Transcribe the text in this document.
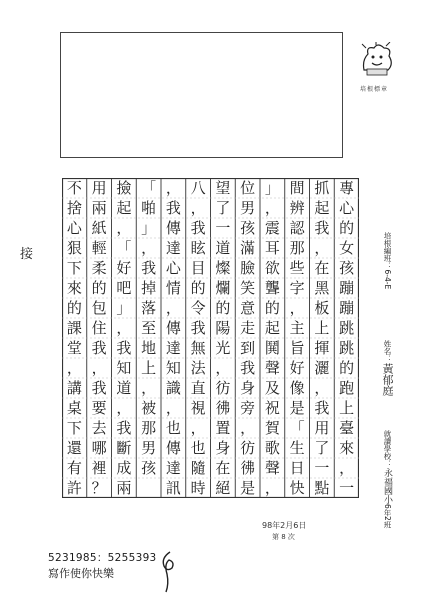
培根標章
接
專
心
的
女
孩
蹦
蹦
跳
跳
的
跑
上
臺
來
，
一
抓
起
我
，
在
黑
板
上
揮
灑
，
我
用
了
一
點
間
辨
認
那
些
字
，
主
旨
好
像
是
「
生
日
快
」
，
震
耳
欲
聾
的
起
鬨
聲
及
祝
賀
歌
聲
，
位
男
孩
滿
臉
笑
意
走
到
我
身
旁
，
彷
彿
是
望
了
一
道
燦
爛
的
陽
光
，
彷
彿
置
身
在
絕
八
，
我
眩
目
的
令
我
無
法
直
視
，
也
隨
時
，
我
傳
達
心
情
，
傳
達
知
識
，
也
傳
達
訊
「
啪
」
，
我
掉
落
至
地
上
，
被
那
男
孩
撿
起
，
「
好
吧
」
，
我
知
道
，
我
斷
成
兩
用
兩
紙
輕
柔
的
包
住
我
，
我
要
去
哪
裡
？
不
捨
心
狠
下
來
的
課
堂
，
講
桌
下
還
有
許
培根編班：6-4-E
姓名：
黃郁庭
就讀學校：
永福國小
6年
2班
98年2月6日
第 8 次
5231985：5255393
寫作使你快樂
